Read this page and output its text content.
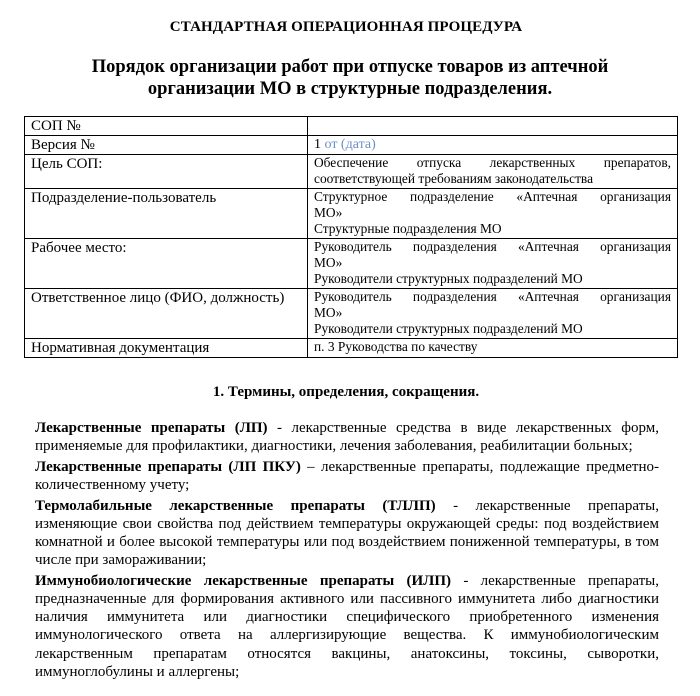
СТАНДАРТНАЯ ОПЕРАЦИОННАЯ ПРОЦЕДУРА
Порядок организации работ при отпуске товаров из аптечной организации МО в структурные подразделения.
СОП №	
Версия №	1 от (дата)
Цель СОП:	Обеспечение отпуска лекарственных препаратов,
соответствующей требованиям законодательства

Подразделение-пользователь	Структурное подразделение «Аптечная организация
МО»
Структурные подразделения МО

Рабочее место:	Руководитель подразделения «Аптечная организация
МО»
Руководители структурных подразделений МО

Ответственное лицо (ФИО, должность)	Руководитель подразделения «Аптечная организация
МО»
Руководители структурных подразделений МО

Нормативная документация	п. 3 Руководства по качеству
1. Термины, определения, сокращения.

Лекарственные препараты (ЛП) - лекарственные средства в виде лекарственных форм, применяемые для профилактики, диагностики, лечения заболевания, реабилитации больных;

Лекарственные препараты (ЛП ПКУ) – лекарственные препараты, подлежащие предметно-количественному учету;

Термолабильные лекарственные препараты (ТЛЛП) - лекарственные препараты, изменяющие свои свойства под действием температуры окружающей среды: под воздействием комнатной и более высокой температуры или под воздействием пониженной температуры, в том числе при замораживании;

Иммунобиологические лекарственные препараты (ИЛП) - лекарственные препараты, предназначенные для формирования активного или пассивного иммунитета либо диагностики наличия иммунитета или диагностики специфического приобретенного изменения иммунологического ответа на аллергизирующие вещества. К иммунобиологическим лекарственным препаратам относятся вакцины, анатоксины, токсины, сыворотки, иммуноглобулины и аллергены;
